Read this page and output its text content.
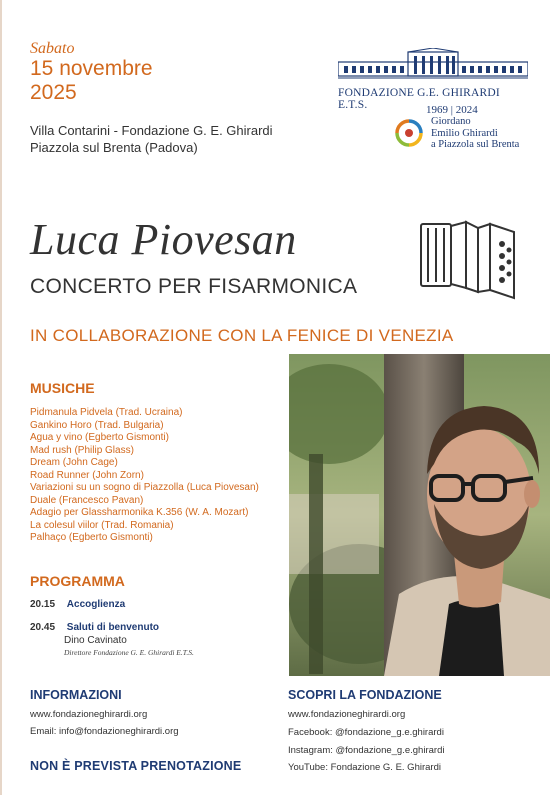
Sabato
15 novembre
2025
Villa Contarini - Fondazione G. E. Ghirardi
Piazzola sul Brenta (Padova)
FONDAZIONE G.E. GHIRARDI E.T.S.	1969 | 2024
Giordano
Emilio Ghirardi
a Piazzola sul Brenta
Luca Piovesan
CONCERTO PER FISARMONICA
IN COLLABORAZIONE CON LA FENICE DI VENEZIA
MUSICHE
Pidmanula Pidvela (Trad. Ucraina)
Gankino Horo (Trad. Bulgaria)
Agua y vino (Egberto Gismonti)
Mad rush (Philip Glass)
Dream (John Cage)
Road Runner (John Zorn)
Variazioni su un sogno di Piazzolla (Luca Piovesan)
Duale (Francesco Pavan)
Adagio per Glassharmonika K.356 (W. A. Mozart)
La colesul viilor (Trad. Romania)
Palhaço (Egberto Gismonti)
PROGRAMMA
20.15 Accoglienza
20.45 Saluti di benvenuto
Dino Cavinato
Direttore Fondazione G. E. Ghirardi E.T.S.
INFORMAZIONI
www.fondazioneghirardi.org
Email: info@fondazioneghirardi.org
NON È PREVISTA PRENOTAZIONE
SCOPRI LA FONDAZIONE
www.fondazioneghirardi.org
Facebook: @fondazione_g.e.ghirardi
Instagram: @fondazione_g.e.ghirardi
YouTube: Fondazione G. E. Ghirardi
